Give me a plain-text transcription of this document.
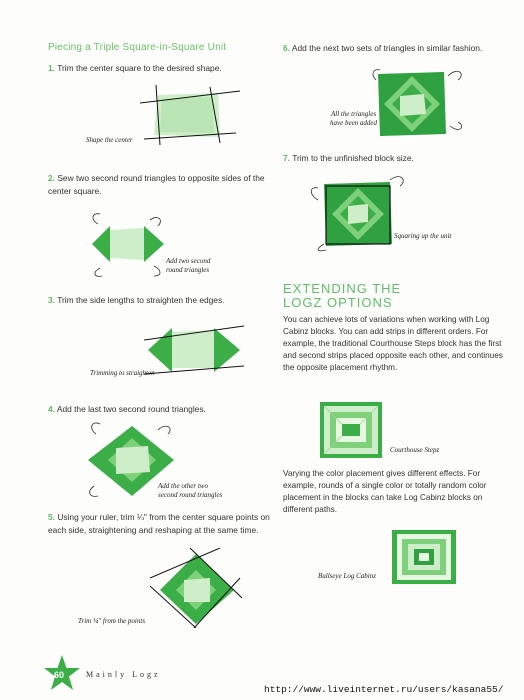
Piecing a Triple Square-in-Square Unit
1. Trim the center square to the desired shape.
Shape the center
2. Sew two second round triangles to opposite sides of the center square.
Add two second
round triangles
3. Trim the side lengths to straighten the edges.
Trimming to straighten
4. Add the last two second round triangles.
Add the other two
second round triangles
5. Using your ruler, trim ¼" from the center square points on each side, straightening and reshaping at the same time.
Trim ¼" from the points
6. Add the next two sets of triangles in similar fashion.
All the triangles
have been added
7. Trim to the unfinished block size.
Squaring up the unit
EXTENDING THE
LOGZ OPTIONS
You can achieve lots of variations when working with Log Cabinz blocks. You can add strips in different orders. For example, the traditional Courthouse Steps block has the first and second strips placed opposite each other, and continues the opposite placement rhythm.
Courthouse Stepz
Varying the color placement gives different effects. For example, rounds of a single color or totally random color placement in the blocks can take Log Cabinz blocks on different paths.
Bullseye Log Cabinz
60	Mainly Logz
http://www.liveinternet.ru/users/kasana55/
